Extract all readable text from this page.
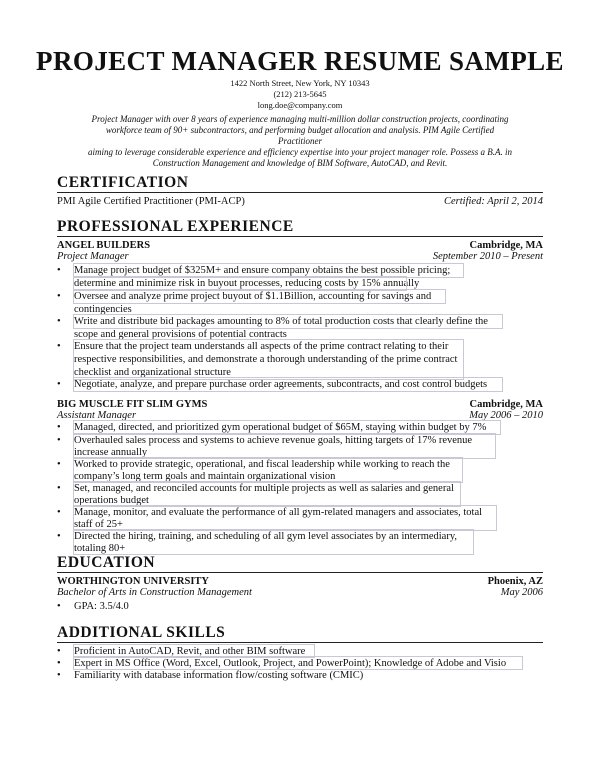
PROJECT MANAGER RESUME SAMPLE
1422 North Street, New York, NY 10343
(212) 213-5645
long.doe@company.com
Project Manager with over 8 years of experience managing multi-million dollar construction projects, coordinating
workforce team of 90+ subcontractors, and performing budget allocation and analysis. PIM Agile Certified Practitioner
aiming to leverage considerable experience and efficiency expertise into your project manager role. Possess a B.A. in
Construction Management and knowledge of BIM Software, AutoCAD, and Revit.
CERTIFICATION
PMI Agile Certified Practitioner (PMI-ACP)	Certified: April 2, 2014
PROFESSIONAL EXPERIENCE
ANGEL BUILDERS	Cambridge, MA
Project Manager	September 2010 – Present
• Manage project budget of $325M+ and ensure company obtains the best possible pricing;
determine and minimize risk in buyout processes, reducing costs by 15% annually
• Oversee and analyze prime project buyout of $1.1Billion, accounting for savings and
contingencies
• Write and distribute bid packages amounting to 8% of total production costs that clearly define the
scope and general provisions of potential contracts
• Ensure that the project team understands all aspects of the prime contract relating to their
respective responsibilities, and demonstrate a thorough understanding of the prime contract
checklist and organizational structure
• Negotiate, analyze, and prepare purchase order agreements, subcontracts, and cost control budgets
BIG MUSCLE FIT SLIM GYMS	Cambridge, MA
Assistant Manager	May 2006 – 2010
• Managed, directed, and prioritized gym operational budget of $65M, staying within budget by 7%
• Overhauled sales process and systems to achieve revenue goals, hitting targets of 17% revenue
increase annually
• Worked to provide strategic, operational, and fiscal leadership while working to reach the
company’s long term goals and maintain organizational vision
• Set, managed, and reconciled accounts for multiple projects as well as salaries and general
operations budget
• Manage, monitor, and evaluate the performance of all gym-related managers and associates, total
staff of 25+
• Directed the hiring, training, and scheduling of all gym level associates by an intermediary,
totaling 80+
EDUCATION
WORTHINGTON UNIVERSITY	Phoenix, AZ
Bachelor of Arts in Construction Management	May 2006
• GPA: 3.5/4.0
ADDITIONAL SKILLS
• Proficient in AutoCAD, Revit, and other BIM software
• Expert in MS Office (Word, Excel, Outlook, Project, and PowerPoint); Knowledge of Adobe and Visio
• Familiarity with database information flow/costing software (CMIC)
